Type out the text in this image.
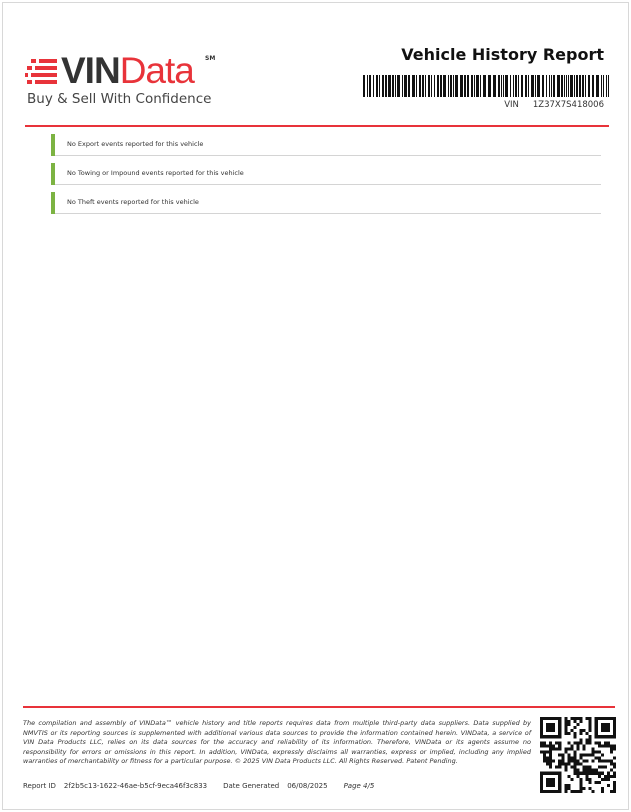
VINData SM
Buy & Sell With Confidence
Vehicle History Report
VIN 1Z37X7S418006
No Export events reported for this vehicle
No Towing or Impound events reported for this vehicle
No Theft events reported for this vehicle
The compilation and assembly of VINData™ vehicle history and title reports requires data from multiple third-party data suppliers. Data supplied by NMVTIS or its reporting sources is supplemented with additional various data sources to provide the information contained herein. VINData, a service of VIN Data Products LLC, relies on its data sources for the accuracy and reliability of its information. Therefore, VINData or its agents assume no responsibility for errors or omissions in this report. In addition, VINData, expressly disclaims all warranties, express or implied, including any implied warranties of merchantability or fitness for a particular purpose. © 2025 VIN Data Products LLC. All Rights Reserved. Patent Pending.
Report ID 2f2b5c13-1622-46ae-b5cf-9eca46f3c833 Date Generated 06/08/2025 Page 4/5
